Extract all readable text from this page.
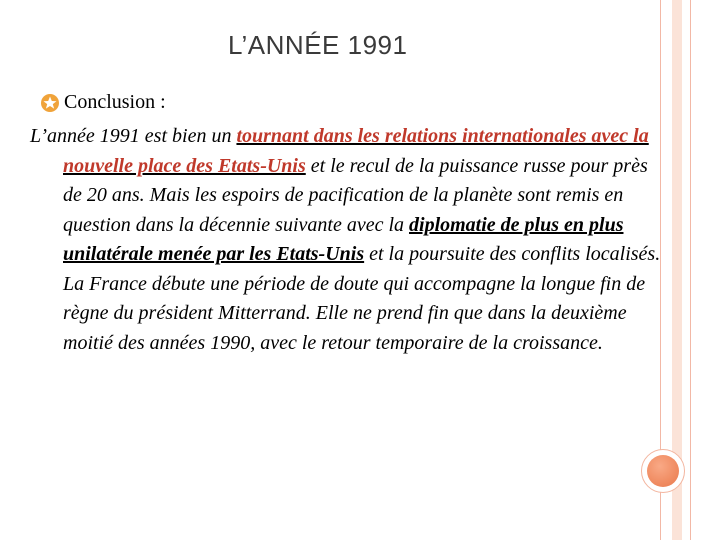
L’ANNÉE 1991
Conclusion :

L’année 1991 est bien un tournant dans les relations internationales avec la nouvelle place des Etats-Unis et le recul de la puissance russe pour près de 20 ans. Mais les espoirs de pacification de la planète sont remis en question dans la décennie suivante avec la diplomatie de plus en plus unilatérale menée par les Etats-Unis et la poursuite des conflits localisés. La France débute une période de doute qui accompagne la longue fin de règne du président Mitterrand. Elle ne prend fin que dans la deuxième moitié des années 1990, avec le retour temporaire de la croissance.
